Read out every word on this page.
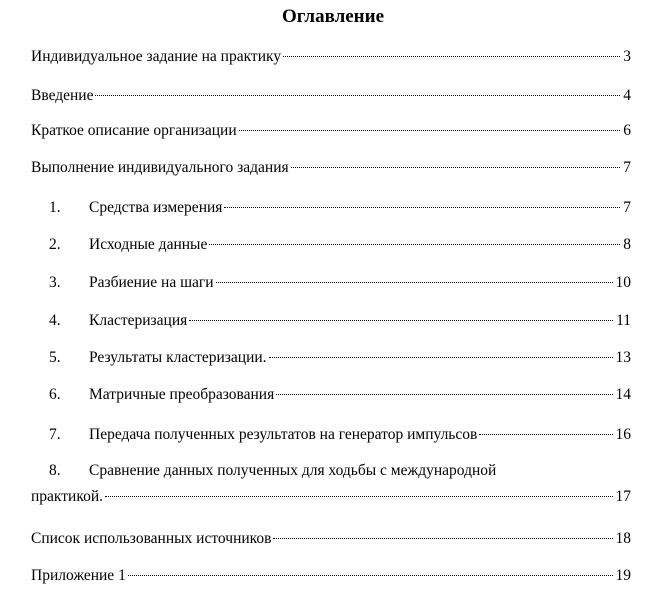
Оглавление
Индивидуальное задание на практику	3
Введение	4
Краткое описание организации	6
Выполнение индивидуального задания	7
1.	Средства измерения	7
2.	Исходные данные	8
3.	Разбиение на шаги	10
4.	Кластеризация	11
5.	Результаты кластеризации.	13
6.	Матричные преобразования	14
7.	Передача полученных результатов на генератор импульсов	16
8.	Сравнение данных полученных для ходьбы с международной
практикой.	17
Список использованных источников	18
Приложение 1	19
